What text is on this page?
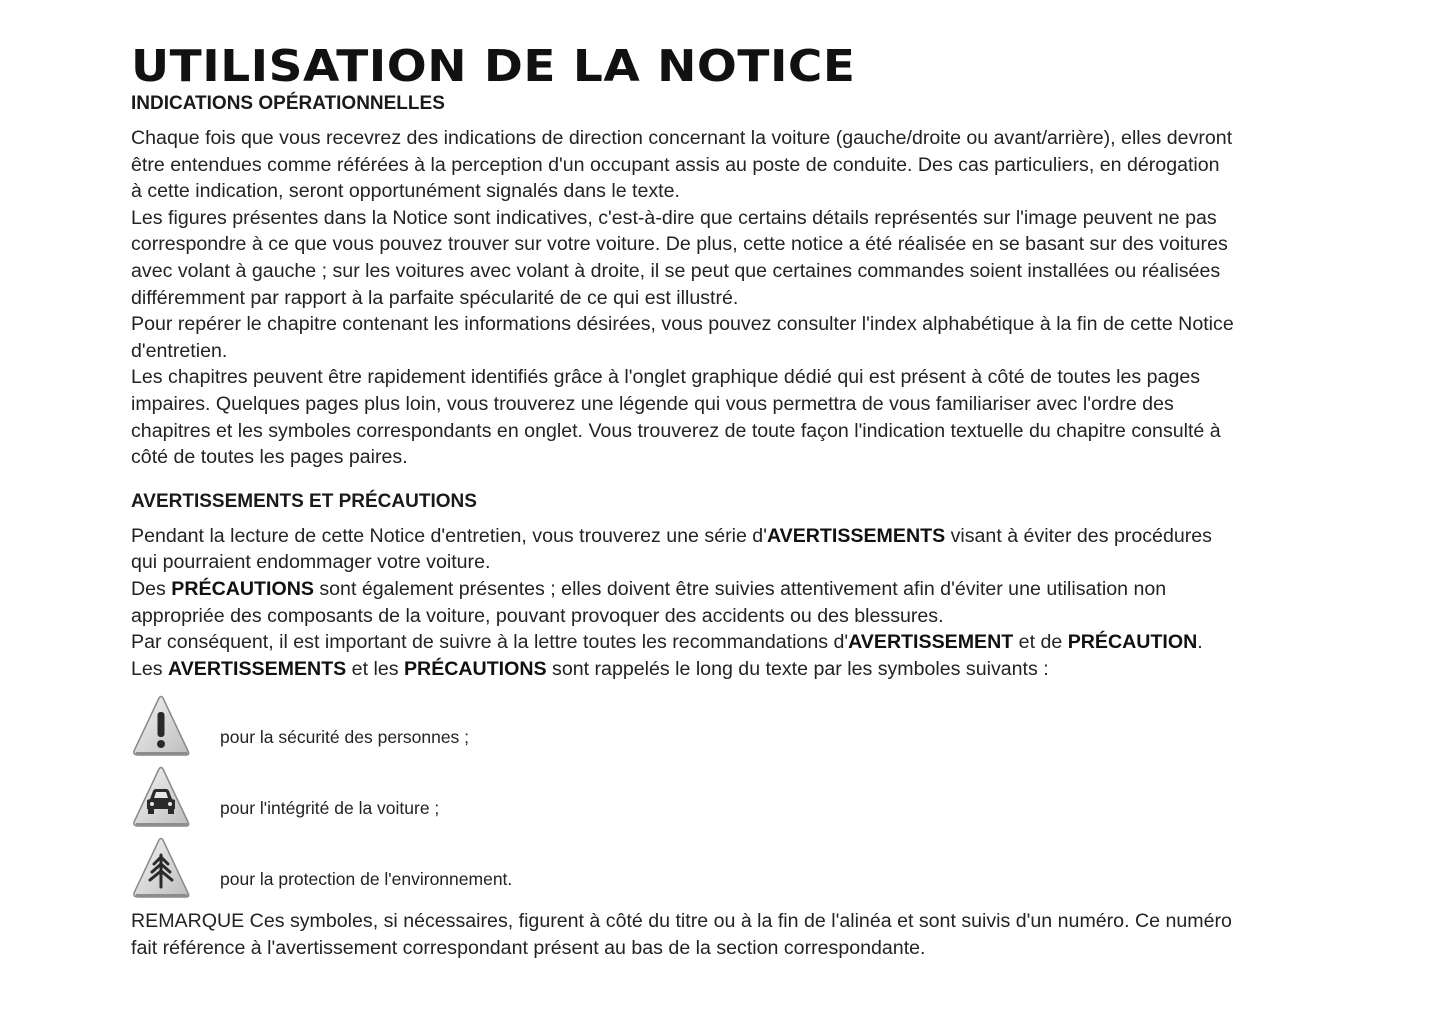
UTILISATION DE LA NOTICE
INDICATIONS OPÉRATIONNELLES

Chaque fois que vous recevrez des indications de direction concernant la voiture (gauche/droite ou avant/arrière), elles devront

être entendues comme référées à la perception d'un occupant assis au poste de conduite. Des cas particuliers, en dérogation

à cette indication, seront opportunément signalés dans le texte.

Les figures présentes dans la Notice sont indicatives, c'est-à-dire que certains détails représentés sur l'image peuvent ne pas

correspondre à ce que vous pouvez trouver sur votre voiture. De plus, cette notice a été réalisée en se basant sur des voitures

avec volant à gauche ; sur les voitures avec volant à droite, il se peut que certaines commandes soient installées ou réalisées

différemment par rapport à la parfaite spécularité de ce qui est illustré.

Pour repérer le chapitre contenant les informations désirées, vous pouvez consulter l'index alphabétique à la fin de cette Notice

d'entretien.

Les chapitres peuvent être rapidement identifiés grâce à l'onglet graphique dédié qui est présent à côté de toutes les pages

impaires. Quelques pages plus loin, vous trouverez une légende qui vous permettra de vous familiariser avec l'ordre des

chapitres et les symboles correspondants en onglet. Vous trouverez de toute façon l'indication textuelle du chapitre consulté à

côté de toutes les pages paires.

AVERTISSEMENTS ET PRÉCAUTIONS

Pendant la lecture de cette Notice d'entretien, vous trouverez une série d'AVERTISSEMENTS visant à éviter des procédures

qui pourraient endommager votre voiture.

Des PRÉCAUTIONS sont également présentes ; elles doivent être suivies attentivement afin d'éviter une utilisation non

appropriée des composants de la voiture, pouvant provoquer des accidents ou des blessures.

Par conséquent, il est important de suivre à la lettre toutes les recommandations d'AVERTISSEMENT et de PRÉCAUTION.

Les AVERTISSEMENTS et les PRÉCAUTIONS sont rappelés le long du texte par les symboles suivants :

pour la sécurité des personnes ;
pour l'intégrité de la voiture ;
pour la protection de l'environnement.

REMARQUE Ces symboles, si nécessaires, figurent à côté du titre ou à la fin de l'alinéa et sont suivis d'un numéro. Ce numéro

fait référence à l'avertissement correspondant présent au bas de la section correspondante.
